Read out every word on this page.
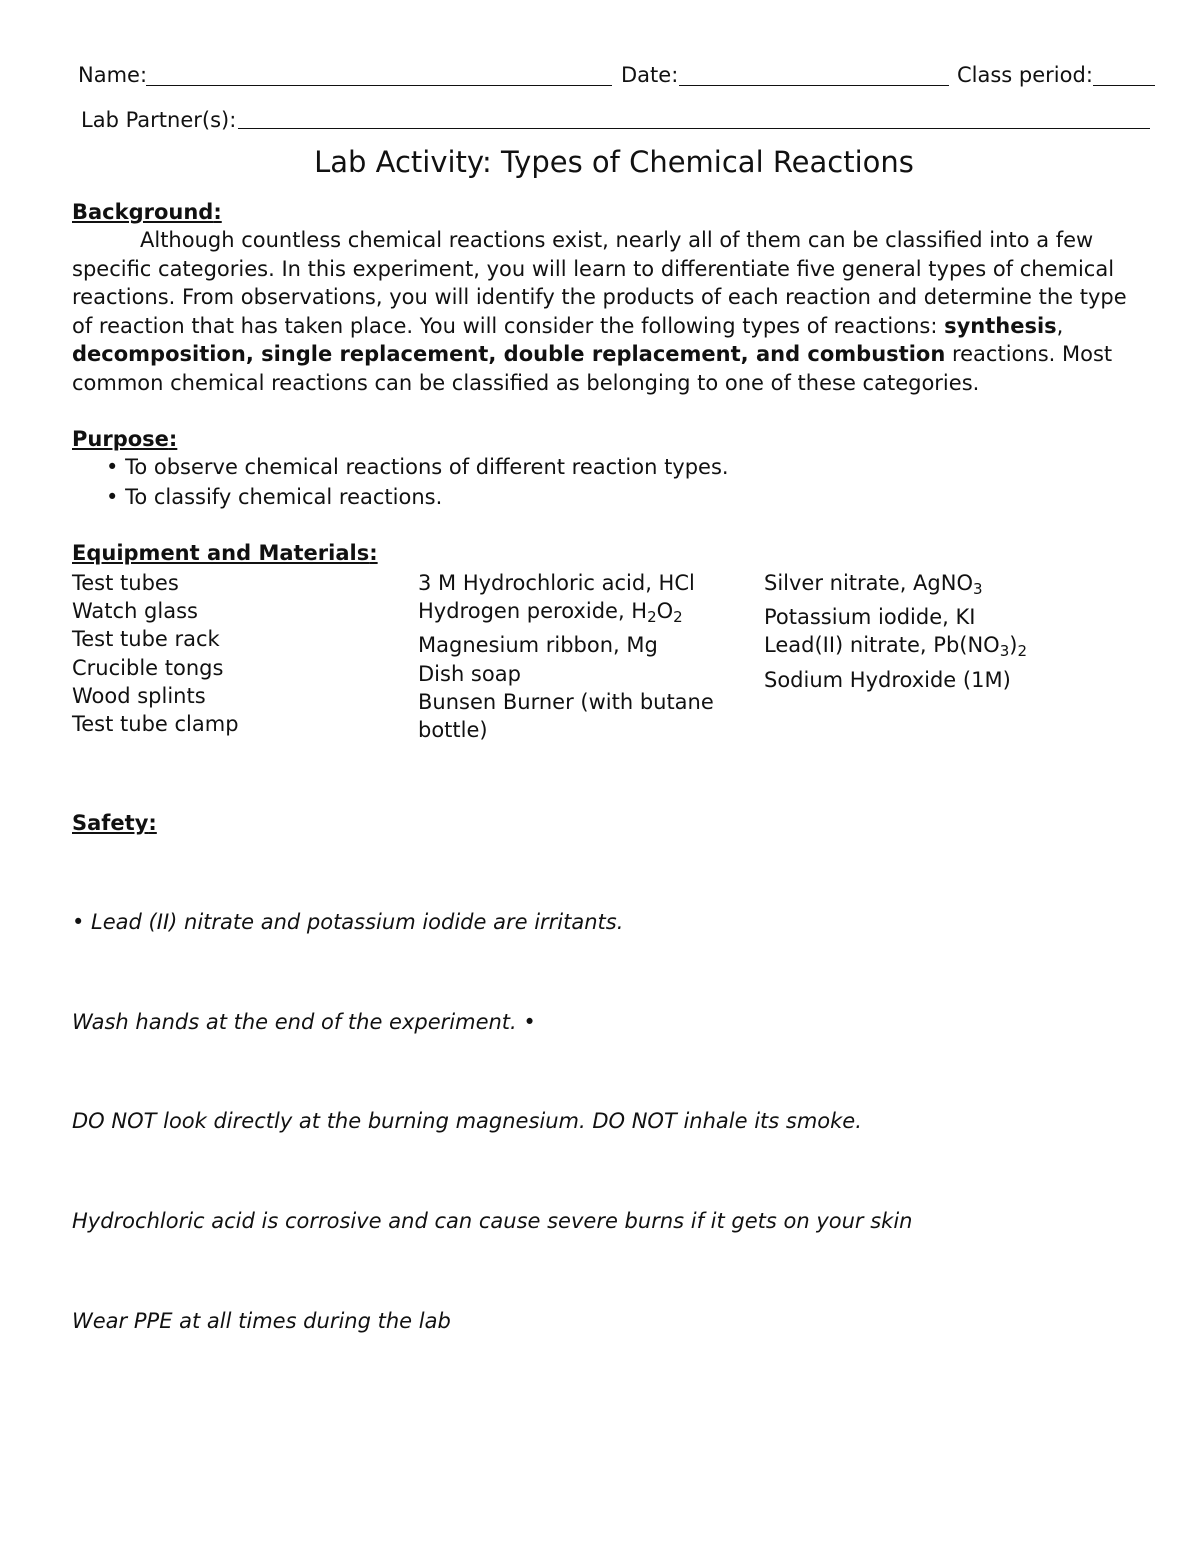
Name:	Date:	Class period:
Lab Partner(s):
Lab Activity: Types of Chemical Reactions
Background:
Although countless chemical reactions exist, nearly all of them can be classified into a few specific categories. In this experiment, you will learn to differentiate five general types of chemical reactions. From observations, you will identify the products of each reaction and determine the type of reaction that has taken place. You will consider the following types of reactions: synthesis, decomposition, single replacement, double replacement, and combustion reactions. Most common chemical reactions can be classified as belonging to one of these categories.
Purpose:
• To observe chemical reactions of different reaction types.
• To classify chemical reactions.
Equipment and Materials:
Test tubes
Watch glass
Test tube rack
Crucible tongs
Wood splints
Test tube clamp
3 M Hydrochloric acid, HCl
Hydrogen peroxide, $H_2O_2$
Magnesium ribbon, Mg
Dish soap
Bunsen Burner (with butane
bottle)
Silver nitrate, AgNO$_3$
Potassium iodide, KI
Lead(II) nitrate, $Pb(NO_3)_2$
Sodium Hydroxide (1M)
Safety:
• Lead (II) nitrate and potassium iodide are irritants.
Wash hands at the end of the experiment. •
DO NOT look directly at the burning magnesium. DO NOT inhale its smoke.
Hydrochloric acid is corrosive and can cause severe burns if it gets on your skin
Wear PPE at all times during the lab
